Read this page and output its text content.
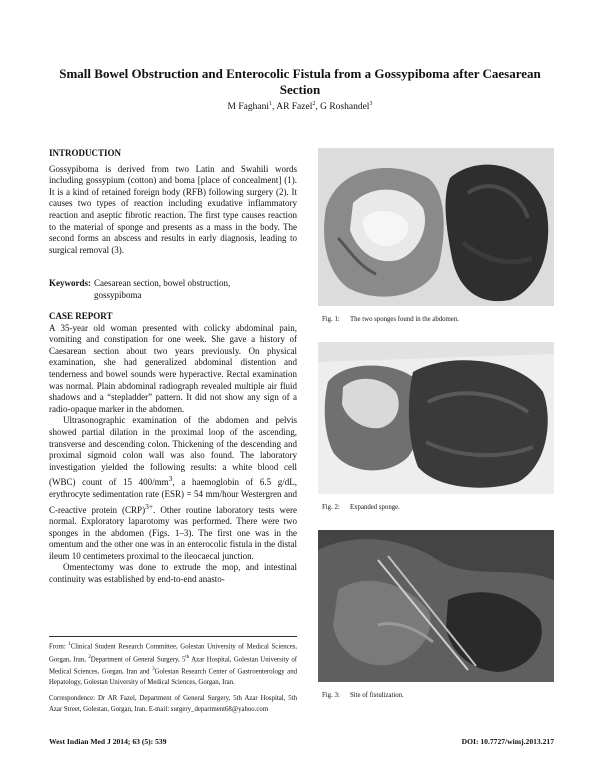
Small Bowel Obstruction and Enterocolic Fistula from a Gossypiboma after Caesarean Section
M Faghani$^1$, AR Fazel$^2$, G Roshandel$^3$
INTRODUCTION

Gossypiboma is derived from two Latin and Swahili words including gossypium (cotton) and boma [place of concealment] (1). It is a kind of retained foreign body (RFB) following surgery (2). It causes two types of reaction including exudative inflammatory reaction and aseptic fibrotic reaction. The first type causes reaction to the material of sponge and presents as a mass in the body. The second forms an abscess and results in early diagnosis, leading to surgical removal (3).

Keywords: Caesarean section, bowel obstruction,
gossypiboma
CASE REPORT

A 35-year old woman presented with colicky abdominal pain, vomiting and constipation for one week. She gave a history of Caesarean section about two years previously. On physical examination, she had generalized abdominal distention and tenderness and bowel sounds were hyperactive. Rectal examination was normal. Plain abdominal radiograph revealed multiple air fluid shadows and a “stepladder” pattern. It did not show any sign of a radio-opaque marker in the abdomen.

Ultrasonographic examination of the abdomen and pelvis showed partial dilation in the proximal loop of the ascending, transverse and descending colon. Thickening of the descending and proximal sigmoid colon wall was also found. The laboratory investigation yielded the following results: a white blood cell (WBC) count of 15 $400/mm^3$, a haemoglobin of 6.5 g/dL, erythrocyte sedimentation rate (ESR) = 54 mm/hour Westergren and C-reactive protein (CRP)$^{3+}$. Other routine laboratory tests were normal. Exploratory laparotomy was performed. There were two sponges in the abdomen (Figs. 1–3). The first one was in the omentum and the other one was in an enterocolic fistula in the distal ileum 10 centimeters proximal to the ileocaecal junction.

Omentectomy was done to extrude the mop, and intestinal continuity was established by end-to-end anasto-

From: $^1$Clinical Student Research Committee, Golestan University of Medical Sciences, Gorgan, Iran, $^2$Department of General Surgery, 5th Azar Hospital, Golestan University of Medical Sciences, Gorgan, Iran and $^3$Golestan Research Center of Gastroenterology and Hepatology, Golestan University of Medical Sciences, Gorgan, Iran.

Correspondence: Dr AR Fazel, Department of General Surgery, 5th Azar Hospital, 5th Azar Street, Golestan, Gorgan, Iran. E-mail: surgery_department68@yahoo.com

Fig. 1: The two sponges found in the abdomen.
Fig. 2: Expanded sponge.
Fig. 3: Site of fistulization.
West Indian Med J 2014; 63 (5): 539	DOI: 10.7727/wimj.2013.217
